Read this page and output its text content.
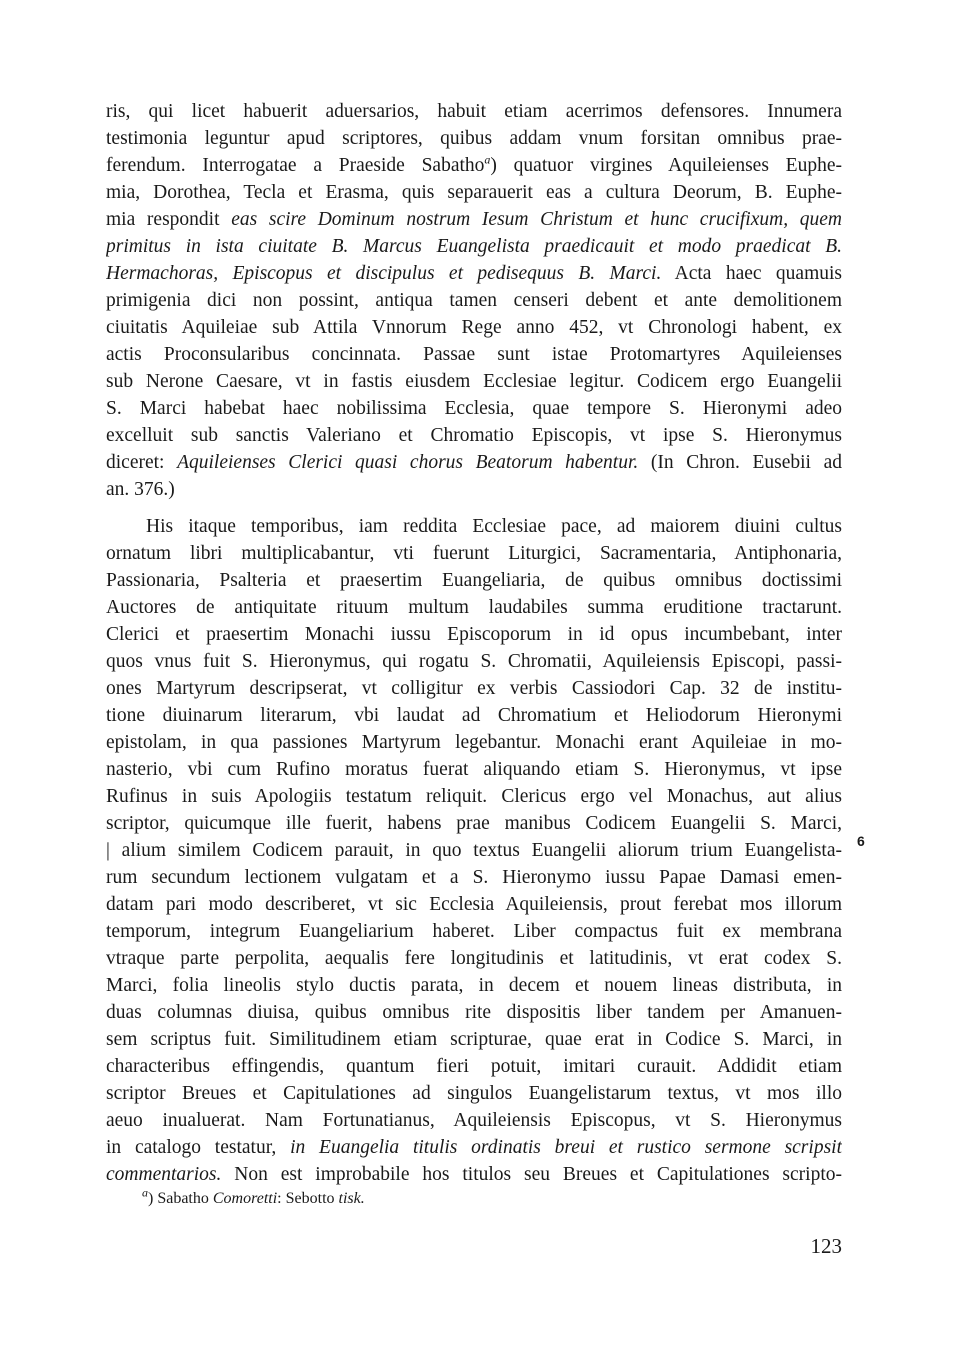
ris, qui licet habuerit aduersarios, habuit etiam acerrimos defensores. Innumera
testimonia leguntur apud scriptores, quibus addam vnum forsitan omnibus prae-
ferendum. Interrogatae a Praeside Sabatho$^a$) quatuor virgines Aquileienses Euphe-
mia, Dorothea, Tecla et Erasma, quis separauerit eas a cultura Deorum, B. Euphe-
mia respondit eas scire Dominum nostrum Iesum Christum et hunc crucifixum, quem
primitus in ista ciuitate B. Marcus Euangelista praedicauit et modo praedicat B.
Hermachoras, Episcopus et discipulus et pedisequus B. Marci. Acta haec quamuis
primigenia dici non possint, antiqua tamen censeri debent et ante demolitionem
ciuitatis Aquileiae sub Attila Vnnorum Rege anno 452, vt Chronologi habent, ex
actis Proconsularibus concinnata. Passae sunt istae Protomartyres Aquileienses
sub Nerone Caesare, vt in fastis eiusdem Ecclesiae legitur. Codicem ergo Euangelii
S. Marci habebat haec nobilissima Ecclesia, quae tempore S. Hieronymi adeo
excelluit sub sanctis Valeriano et Chromatio Episcopis, vt ipse S. Hieronymus
diceret: Aquileienses Clerici quasi chorus Beatorum habentur. (In Chron. Eusebii ad
an. 376.)
His itaque temporibus, iam reddita Ecclesiae pace, ad maiorem diuini cultus
ornatum libri multiplicabantur, vti fuerunt Liturgici, Sacramentaria, Antiphonaria,
Passionaria, Psalteria et praesertim Euangeliaria, de quibus omnibus doctissimi
Auctores de antiquitate rituum multum laudabiles summa eruditione tractarunt.
Clerici et praesertim Monachi iussu Episcoporum in id opus incumbebant, inter
quos vnus fuit S. Hieronymus, qui rogatu S. Chromatii, Aquileiensis Episcopi, passi-
ones Martyrum descripserat, vt colligitur ex verbis Cassiodori Cap. 32 de institu-
tione diuinarum literarum, vbi laudat ad Chromatium et Heliodorum Hieronymi
epistolam, in qua passiones Martyrum legebantur. Monachi erant Aquileiae in mo-
nasterio, vbi cum Rufino moratus fuerat aliquando etiam S. Hieronymus, vt ipse
Rufinus in suis Apologiis testatum reliquit. Clericus ergo vel Monachus, aut alius
scriptor, quicumque ille fuerit, habens prae manibus Codicem Euangelii S. Marci,
| alium similem Codicem parauit, in quo textus Euangelii aliorum trium Euangelista-
rum secundum lectionem vulgatam et a S. Hieronymo iussu Papae Damasi emen-
datam pari modo describeret, vt sic Ecclesia Aquileiensis, prout ferebat mos illorum
temporum, integrum Euangeliarium haberet. Liber compactus fuit ex membrana
vtraque parte perpolita, aequalis fere longitudinis et latitudinis, vt erat codex S.
Marci, folia lineolis stylo ductis parata, in decem et nouem lineas distributa, in
duas columnas diuisa, quibus omnibus rite dispositis liber tandem per Amanuen-
sem scriptus fuit. Similitudinem etiam scripturae, quae erat in Codice S. Marci, in
characteribus effingendis, quantum fieri potuit, imitari curauit. Addidit etiam
scriptor Breues et Capitulationes ad singulos Euangelistarum textus, vt mos illo
aeuo inualuerat. Nam Fortunatianus, Aquileiensis Episcopus, vt S. Hieronymus
in catalogo testatur, in Euangelia titulis ordinatis breui et rustico sermone scripsit
commentarios. Non est improbabile hos titulos seu Breues et Capitulationes scripto-
6
$^a$) Sabatho Comoretti: Sebotto tisk.
123
